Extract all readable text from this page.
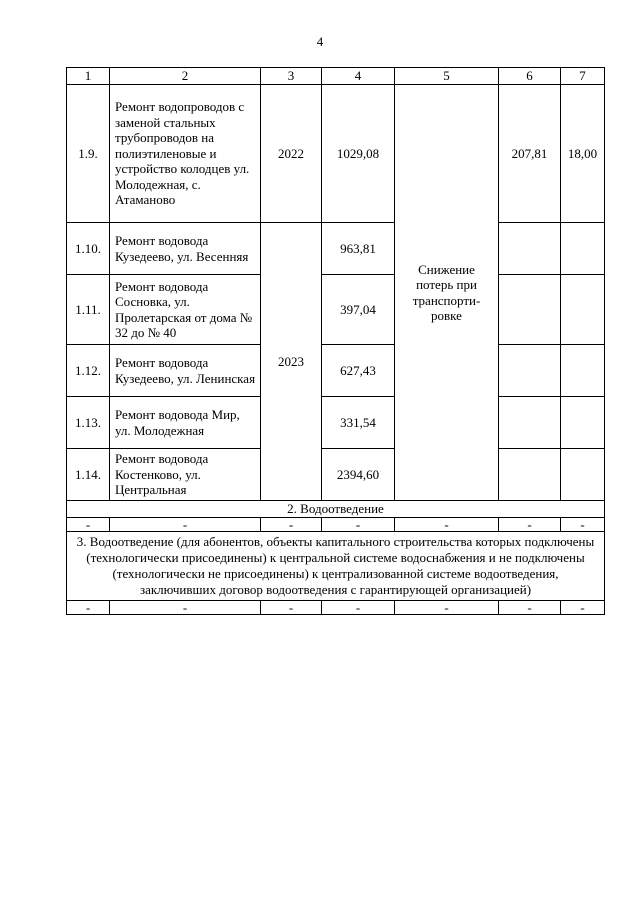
4
1	2	3	4	5	6	7
1.9.	Ремонт водопроводов с заменой стальных трубопроводов на полиэтиленовые и устройство колодцев ул. Молодежная, с. Атаманово	2022	1029,08	Снижение потерь при транспорти-ровке	207,81	18,00
1.10.	Ремонт водовода Кузедеево, ул. Весенняя	2023	963,81			
1.11.	Ремонт водовода Сосновка, ул. Пролетарская от дома № 32 до № 40		397,04			
1.12.	Ремонт водовода Кузедеево, ул. Ленинская		627,43			
1.13.	Ремонт водовода Мир, ул. Молодежная		331,54			
1.14.	Ремонт водовода Костенково, ул. Центральная		2394,60			
2. Водоотведение						
-	-	-	-	-	-	-
3. Водоотведение (для абонентов, объекты капитального строительства которых подключены (технологически присоединены) к центральной системе водоснабжения и не подключены (технологически не присоединены) к централизованной системе водоотведения, заключивших договор водоотведения с гарантирующей организацией)						
-	-	-	-	-	-	-
